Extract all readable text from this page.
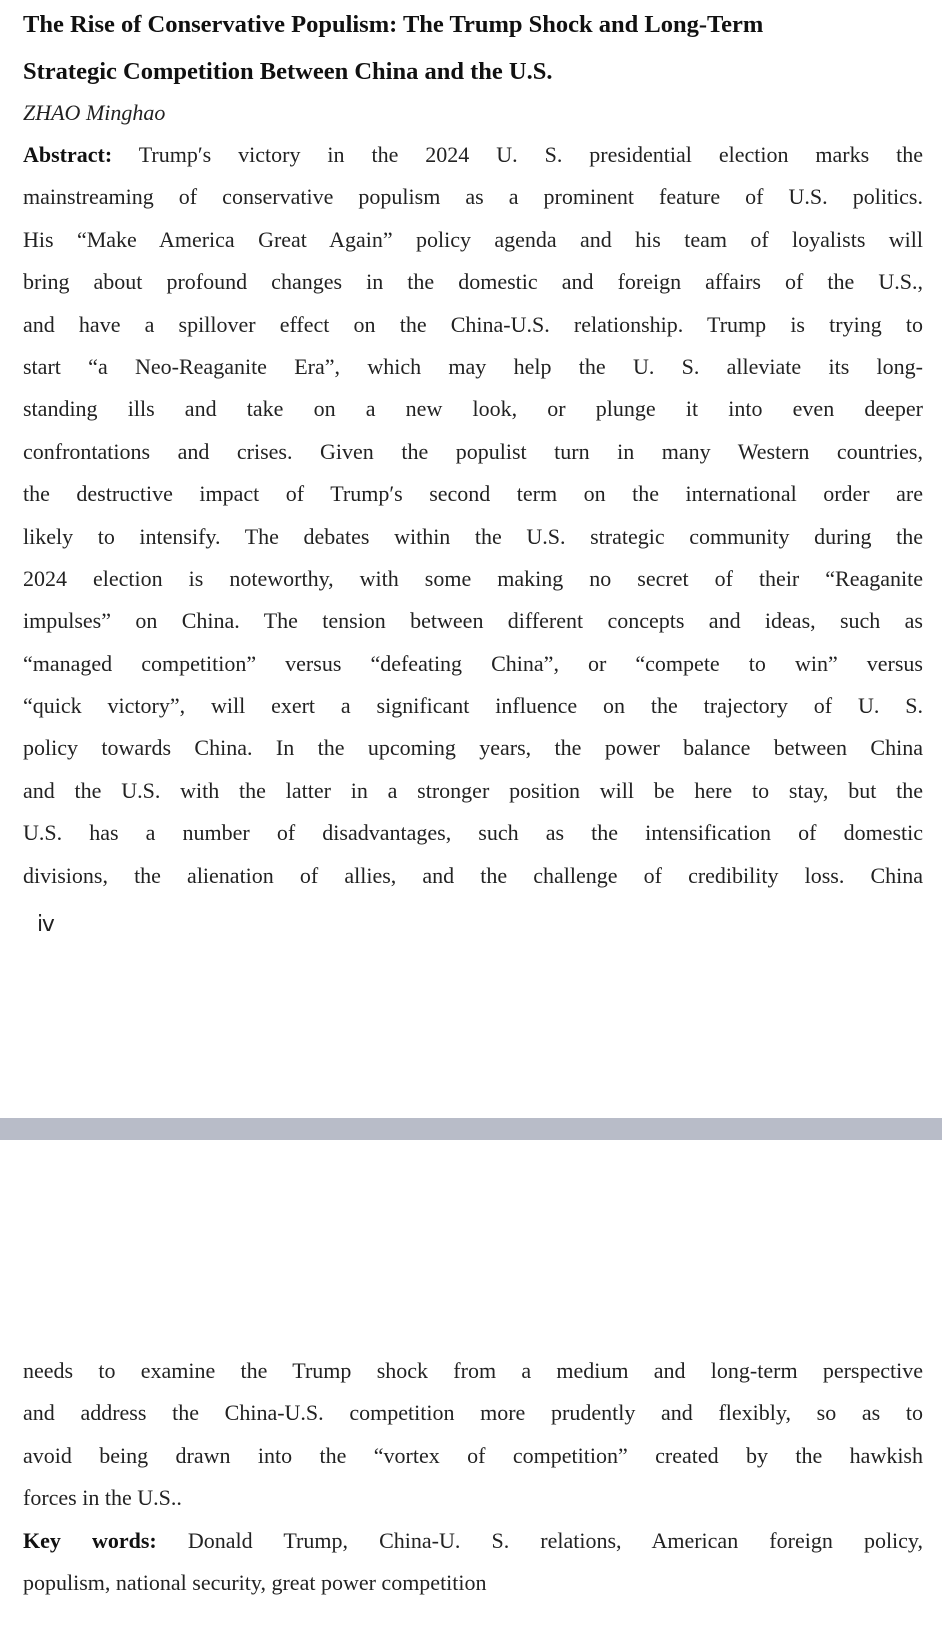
The Rise of Conservative Populism: The Trump Shock and Long-Term
Strategic Competition Between China and the U.S.
ZHAO Minghao
Abstract: Trump′s victory in the 2024 U. S. presidential election marks the
mainstreaming of conservative populism as a prominent feature of U.S. politics.
His “Make America Great Again” policy agenda and his team of loyalists will
bring about profound changes in the domestic and foreign affairs of the U.S.,
and have a spillover effect on the China-U.S. relationship. Trump is trying to
start “a Neo-Reaganite Era”, which may help the U. S. alleviate its long-
standing ills and take on a new look, or plunge it into even deeper
confrontations and crises. Given the populist turn in many Western countries,
the destructive impact of Trump′s second term on the international order are
likely to intensify. The debates within the U.S. strategic community during the
2024 election is noteworthy, with some making no secret of their “Reaganite
impulses” on China. The tension between different concepts and ideas, such as
“managed competition” versus “defeating China”, or “compete to win” versus
“quick victory”, will exert a significant influence on the trajectory of U. S.
policy towards China. In the upcoming years, the power balance between China
and the U.S. with the latter in a stronger position will be here to stay, but the
U.S. has a number of disadvantages, such as the intensification of domestic
divisions, the alienation of allies, and the challenge of credibility loss. China
ⅳ
needs to examine the Trump shock from a medium and long-term perspective
and address the China-U.S. competition more prudently and flexibly, so as to
avoid being drawn into the “vortex of competition” created by the hawkish
forces in the U.S..
Key words: Donald Trump, China-U. S. relations, American foreign policy,
populism, national security, great power competition
